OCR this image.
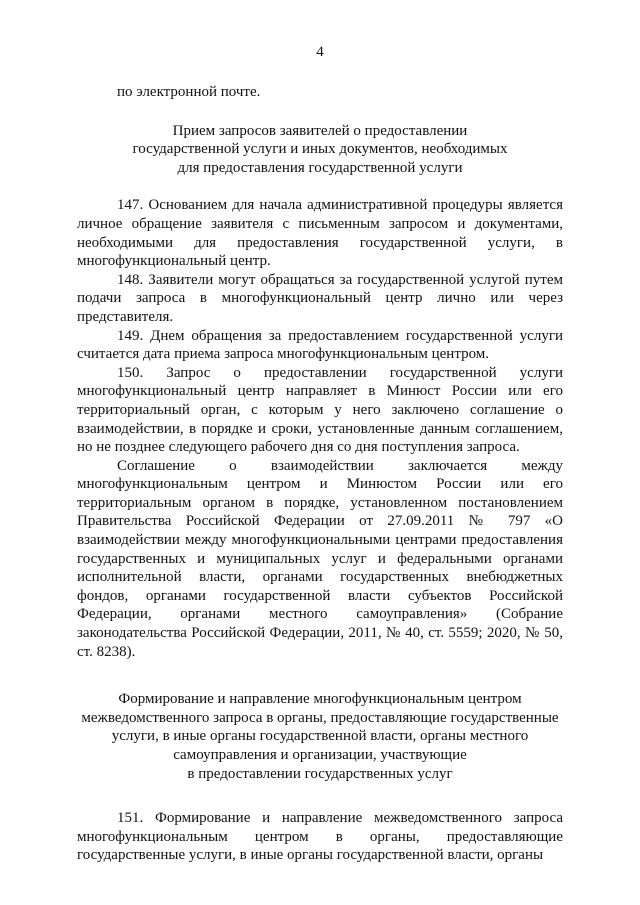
4

по электронной почте.

Прием запросов заявителей о предоставлении
государственной услуги и иных документов, необходимых
для предоставления государственной услуги

147. Основанием для начала административной процедуры является личное обращение заявителя с письменным запросом и документами, необходимыми для предоставления государственной услуги, в многофункциональный центр.

148. Заявители могут обращаться за государственной услугой путем подачи запроса в многофункциональный центр лично или через представителя.

149. Днем обращения за предоставлением государственной услуги считается дата приема запроса многофункциональным центром.

150. Запрос о предоставлении государственной услуги многофункциональный центр направляет в Минюст России или его территориальный орган, с которым у него заключено соглашение о взаимодействии, в порядке и сроки, установленные данным соглашением, но не позднее следующего рабочего дня со дня поступления запроса.

Соглашение о взаимодействии заключается между многофункциональным центром и Минюстом России или его территориальным органом в порядке, установленном постановлением Правительства Российской Федерации от 27.09.2011 № 797 «О взаимодействии между многофункциональными центрами предоставления государственных и муниципальных услуг и федеральными органами исполнительной власти, органами государственных внебюджетных фондов, органами государственной власти субъектов Российской Федерации, органами местного самоуправления» (Собрание законодательства Российской Федерации, 2011, № 40, ст. 5559; 2020, № 50, ст. 8238).

Формирование и направление многофункциональным центром
межведомственного запроса в органы, предоставляющие государственные
услуги, в иные органы государственной власти, органы местного
самоуправления и организации, участвующие
в предоставлении государственных услуг

151. Формирование и направление межведомственного запроса многофункциональным центром в органы, предоставляющие государственные услуги, в иные органы государственной власти, органы
